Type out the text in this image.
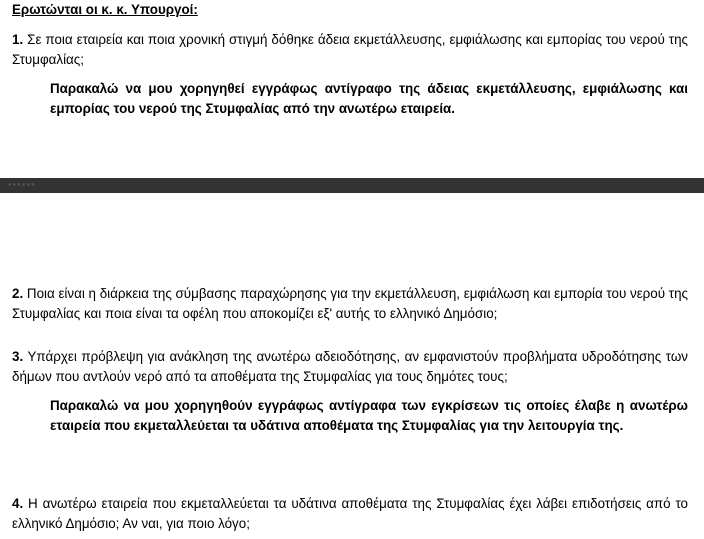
Ερωτώνται οι κ. κ. Υπουργοί:

1. Σε ποια εταιρεία και ποια χρονική στιγμή δόθηκε άδεια εκμετάλλευσης, εμφιάλωσης και εμπορίας του νερού της Στυμφαλίας;

Παρακαλώ να μου χορηγηθεί εγγράφως αντίγραφο της άδειας εκμετάλλευσης, εμφιάλωσης και εμπορίας του νερού της Στυμφαλίας από την ανωτέρω εταιρεία.

▪▪▪▪▪▪

2. Ποια είναι η διάρκεια της σύμβασης παραχώρησης για την εκμετάλλευση, εμφιάλωση και εμπορία του νερού της Στυμφαλίας και ποια είναι τα οφέλη που αποκομίζει εξ' αυτής το ελληνικό Δημόσιο;

3. Υπάρχει πρόβλεψη για ανάκληση της ανωτέρω αδειοδότησης, αν εμφανιστούν προβλήματα υδροδότησης των δήμων που αντλούν νερό από τα αποθέματα της Στυμφαλίας για τους δημότες τους;

Παρακαλώ να μου χορηγηθούν εγγράφως αντίγραφα των εγκρίσεων τις οποίες έλαβε η ανωτέρω εταιρεία που εκμεταλλεύεται τα υδάτινα αποθέματα της Στυμφαλίας για την λειτουργία της.

4. Η ανωτέρω εταιρεία που εκμεταλλεύεται τα υδάτινα αποθέματα της Στυμφαλίας έχει λάβει επιδοτήσεις από το ελληνικό Δημόσιο; Αν ναι, για ποιο λόγο;
